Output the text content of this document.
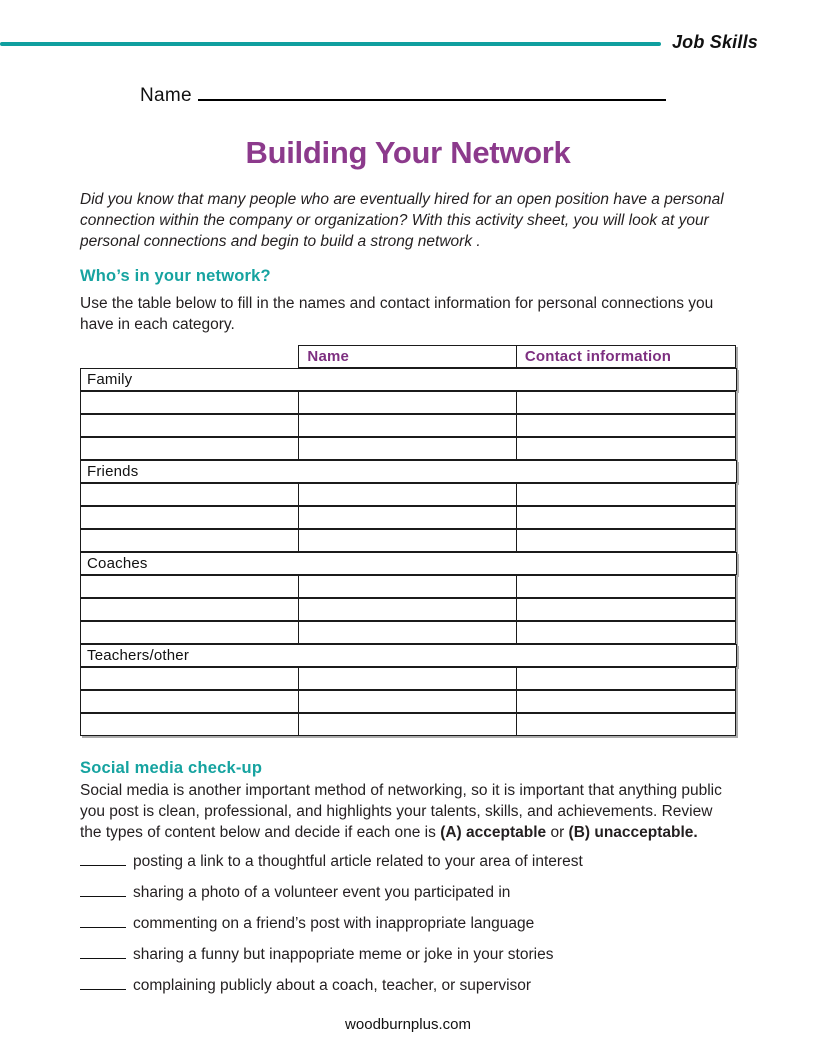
Job Skills
Name
Building Your Network
Did you know that many people who are eventually hired for an open position have a personal connection within the company or organization? With this activity sheet, you will look at your personal connections and begin to build a strong network .
Who’s in your network?
Use the table below to fill in the names and contact information for personal connections you have in each category.
Name	Contact information
Family
Friends
Coaches
Teachers/other
Social media check-up
Social media is another important method of networking, so it is important that anything public you post is clean, professional, and highlights your talents, skills, and achievements. Review the types of content below and decide if each one is (A) acceptable or (B) unacceptable.
posting a link to a thoughtful article related to your area of interest
sharing a photo of a volunteer event you participated in
commenting on a friend’s post with inappropriate language
sharing a funny but inappopriate meme or joke in your stories
complaining publicly about a coach, teacher, or supervisor
woodburnplus.com
